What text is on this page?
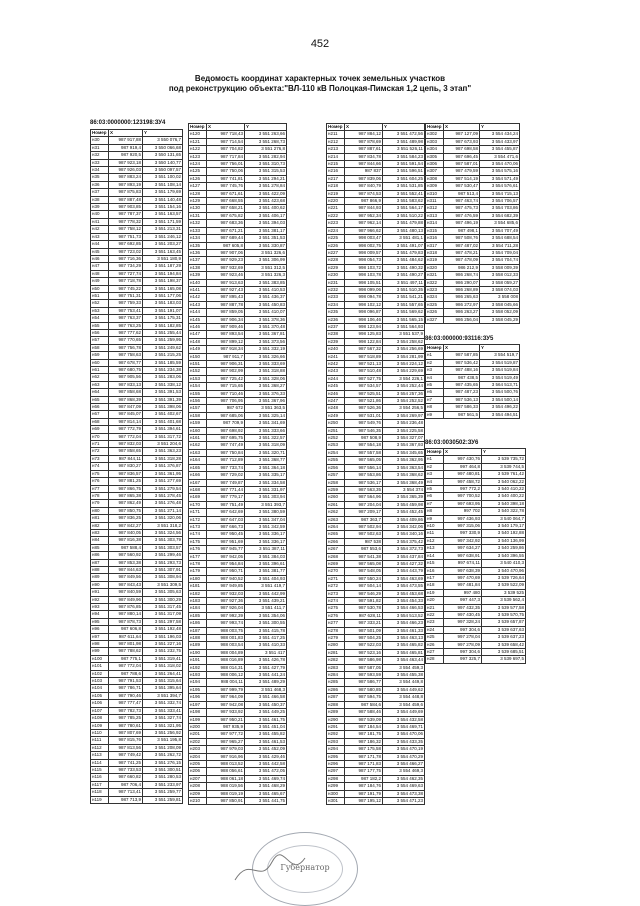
452
Ведомость координат характерных точек земельных участков
под реконструкцию объекта:"ВЛ-110 кВ Полоцкая-Пимская 1,2 цепь, 3 этап"
86:03:0000000:123198:ЗУ4
86:03:000000:93116:ЗУ5
86:03:0030502:ЗУ6
Номер	X	Y
н30	987 917,88	3 550 076,7
н31	987 919,4	3 550 066,68
н32	987 920,5	3 550 131,65
н33	987 923,18	3 550 140,77
н34	987 926,03	3 550 097,57
н35	987 883,24	3 551 100,02
н36	987 893,19	3 551 108,14
н37	987 875,83	3 551 179,69
н38	987 887,48	3 551 140,48
н39	987 903,85	3 551 154,16
н40	987 787,37	3 551 163,57
н41	987 778,32	3 551 171,59
н42	987 758,12	3 551 213,31
н43	987 751,73	3 551 246,12
н44	987 692,85	3 551 203,27
н45	987 723,02	3 551 163,45
н46	987 716,36	3 551 180,9
н47	987 734,29	3 551 187,29
н48	987 727,74	3 551 194,84
н49	987 718,78	3 551 198,37
н50	987 745,22	3 551 165,08
н51	987 751,31	3 551 177,06
н52	987 759,33	3 551 183,03
н53	987 753,41	3 551 191,07
н54	987 763,37	3 551 175,31
н55	987 763,25	3 551 182,85
н56	987 777,62	3 551 255,44
н57	987 770,65	3 551 259,95
н58	987 756,78	3 551 249,62
н59	987 758,63	3 551 215,25
н60	987 678,77	3 551 185,59
н61	987 680,75	3 551 234,38
н62	987 905,56	3 551 283,06
н63	987 833,13	3 551 338,12
н64	987 858,68	3 551 391,53
н65	987 868,39	3 551 391,39
н66	987 847,09	3 551 398,06
н67	987 845,07	3 551 402,67
н68	987 814,14	3 551 401,68
н69	987 772,79	3 551 394,61
н70	987 772,04	3 551 317,72
н71	987 832,03	3 551 204,6
н72	987 858,65	3 551 363,23
н73	987 844,11	3 551 318,28
н74	987 830,27	3 551 376,87
н75	987 836,57	3 551 361,95
н76	987 881,25	3 551 277,69
н77	987 866,75	3 551 279,54
н78	987 865,38	3 551 278,45
н79	987 862,49	3 551 276,48
н80	987 850,75	3 551 271,14
н81	987 836,25	3 551 320,06
н82	987 842,27	3 551 318,2
н83	987 840,05	3 551 324,56
н84	987 816,38	3 551 303,79
н85	987 588,4	3 551 303,57
н86	987 560,92	3 551 299,46
н87	987 853,38	3 551 293,73
н88	987 844,63	3 551 307,91
н89	987 849,56	3 551 308,94
н90	987 843,43	3 551 309,5
н91	987 840,59	3 551 305,63
н92	987 849,96	3 551 300,29
н93	987 876,85	3 551 317,45
н94	987 880,14	3 551 317,09
н95	987 878,73	3 551 297,58
н96	987 606,8	3 551 192,48
н97	987 611,64	3 551 196,03
н98	987 801,98	3 551 227,16
н99	987 788,62	3 551 232,75
н100	987 775,1	3 551 319,41
н101	987 772,04	3 551 318,02
н102	987 788,6	3 551 264,41
н103	987 791,53	3 551 315,64
н104	987 786,71	3 551 395,64
н105	987 790,46	3 551 394,7
н106	987 777,47	3 551 332,74
н107	987 782,73	3 551 333,41
н108	987 785,25	3 551 327,74
н109	987 780,61	3 551 321,95
н110	987 807,69	3 551 256,92
н111	987 815,76	3 551 195,8
н112	987 813,56	3 551 208,09
н113	987 749,42	3 551 262,72
н114	987 741,25	3 551 276,15
н115	987 733,53	3 551 300,51
н116	987 660,82	3 551 280,53
н117	987 706,4	3 551 233,97
н118	987 713,41	3 551 259,77
н119	987 713,9	3 551 259,81
Номер	X	Y
н120	987 718,43	3 551 263,66
н121	987 714,54	3 551 268,73
н122	987 704,82	3 551 276,8
н123	987 717,84	3 551 282,94
н124	987 756,01	3 551 310,73
н125	987 750,06	3 551 315,53
н126	987 741,81	3 551 294,21
н127	987 745,76	3 551 278,84
н128	987 671,61	3 551 422,09
н129	987 668,55	3 551 423,68
н130	987 658,21	3 551 400,62
н131	987 675,82	3 551 406,17
н132	987 683,36	3 551 394,03
н133	987 671,21	3 551 381,17
н134	987 689,44	3 551 351,53
н135	987 605,8	3 551 330,87
н136	987 907,06	3 551 326,6
н137	987 929,23	3 551 306,99
н138	987 932,69	3 551 312,5
н139	987 923,46	3 551 326,3
н140	987 913,63	3 551 383,85
н141	987 927,43	3 551 410,53
н142	987 895,43	3 551 436,37
н143	987 887,78	3 551 450,83
н144	987 859,05	3 551 410,07
н145	987 906,34	3 551 378,36
н146	987 909,46	3 551 370,48
н147	987 893,54	3 551 367,81
н148	987 899,12	3 551 373,56
н149	987 918,34	3 551 332,19
н150	987 911,7	3 551 326,66
н151	987 906,31	3 551 333,69
н152	987 902,99	3 551 318,88
н153	987 725,42	3 551 328,06
н154	987 715,65	3 551 368,27
н155	987 710,46	3 551 376,33
н156	987 706,95	3 551 367,96
н157	987 672	3 551 363,5
н158	987 685,06	3 551 325,14
н159	987 709,9	3 551 341,69
н160	987 698,92	3 551 333,66
н161	987 695,75	3 551 322,57
н162	987 747,49	3 551 318,09
н163	987 750,84	3 551 320,71
н164	987 712,89	3 551 368,77
н165	987 733,74	3 551 364,18
н166	987 729,02	3 551 335,17
н167	987 749,87	3 551 334,58
н168	987 771,44	3 551 331,97
н169	987 779,17	3 551 303,94
н170	987 751,49	3 551 393,7
н171	987 642,69	3 551 380,59
н172	987 647,03	3 551 347,04
н173	987 666,73	3 551 342,59
н174	987 950,45	3 551 336,17
н175	987 951,69	3 551 336,17
н176	987 945,77	3 551 387,11
н177	987 942,05	3 551 384,03
н178	987 954,84	3 551 396,61
н179	987 950,71	3 551 381,77
н180	987 940,52	3 551 404,93
н181	987 949,85	3 551 419,7
н182	987 932,03	3 551 442,99
н183	987 927,36	3 551 439,21
н184	987 926,04	3 551 411,7
н185	987 992,39	3 551 354,06
н186	987 993,74	3 551 300,55
н187	988 003,75	3 551 415,78
н188	988 001,83	3 551 417,25
н189	988 003,54	3 551 410,33
н190	988 004,89	3 551 417
н191	988 016,89	3 551 426,78
н192	988 014,31	3 551 427,79
н193	988 006,12	3 551 441,24
н194	988 004,11	3 551 489,29
н195	987 999,79	3 551 468,3
н196	987 964,09	3 551 466,58
н197	987 942,08	3 551 450,37
н198	987 933,92	3 551 449,25
н199	987 950,21	3 551 461,75
н200	987 935,9	3 551 451,04
н201	987 977,72	3 551 455,82
н202	987 965,27	3 551 461,53
н203	987 979,03	3 551 452,09
н204	987 916,96	3 551 429,46
н205	988 013,52	3 551 442,58
н206	988 056,61	3 551 472,05
н207	988 061,18	3 551 469,74
н208	988 019,56	3 551 468,29
н209	988 019,19	3 551 465,67
н210	987 850,91	3 551 441,75
Номер	X	Y
н211	987 884,12	3 551 472,56
н212	987 878,69	3 551 489,98
н213	987 887,61	3 551 526,11
н214	987 834,78	3 551 584,23
н215	987 844,66	3 551 591,54
н216	987 837	3 551 596,51
н217	987 839,06	3 551 604,25
н218	987 840,79	3 551 531,85
н219	987 874,53	3 551 552,41
н220	987 866,9	3 551 583,62
н221	987 844,93	3 551 564,17
н222	987 952,34	3 551 510,22
н223	987 962,14	3 551 479,88
н224	987 966,62	3 551 480,13
н225	998 003,47	3 551 481,1
н226	998 002,75	3 551 491,07
н227	998 009,57	3 551 479,83
н228	998 054,73	3 551 484,62
н229	998 103,72	3 551 490,32
н230	998 103,78	3 551 490,27
н231	998 105,51	3 551 497,11
н232	998 099,06	3 551 510,35
н233	998 094,78	3 551 541,21
н234	998 102,12	3 551 557,65
н235	998 096,87	3 551 569,62
н236	998 106,46	3 551 565,15
н237	998 123,94	3 551 564,93
н238	998 125,83	3 551 537,9
н239	998 122,84	3 554 258,62
н240	987 567,32	3 554 256,69
н241	987 518,89	3 554 281,99
н242	987 521,13	3 554 224,12
н243	987 510,48	3 554 229,69
н244	987 527,75	3 554 226,1
н245	987 534,57	3 554 252,44
н246	987 525,51	3 554 257,36
н247	987 521,86	3 554 252,52
н248	987 526,36	3 554 256,5
н249	987 531,01	3 554 269,97
н250	987 549,76	3 554 236,48
н251	987 546,35	3 554 225,58
н252	987 508,9	3 554 327,07
н253	987 554,18	3 554 367,93
н254	987 557,58	3 554 345,65
н255	987 565,05	3 554 362,95
н256	987 556,14	3 554 363,54
н257	987 553,86	3 554 368,62
н258	987 536,17	3 554 368,49
н259	987 563,35	3 554 374
н260	987 564,96	3 554 365,39
н261	987 204,04	3 554 459,98
н262	987 209,17	3 554 452,45
н263	987 363,7	3 554 409,86
н264	987 502,94	3 554 342,06
н265	987 502,63	3 554 340,16
н266	987 538	3 554 375,42
н267	987 553,6	3 554 372,73
н268	987 541,38	3 554 437,84
н269	987 565,08	3 554 427,32
н270	987 548,05	3 554 443,79
н271	987 550,24	3 554 463,69
н272	987 504,14	3 554 473,55
н273	987 546,29	3 554 453,68
н274	987 591,82	3 554 454,33
н275	987 530,78	3 554 466,53
н276	987 628,11	3 554 513,52
н277	987 333,21	3 554 466,23
н278	987 501,09	3 554 461,33
н279	987 504,25	3 554 463,13
н280	987 522,03	3 554 465,82
н281	987 523,16	3 554 465,81
н282	987 586,98	3 554 463,44
н283	987 587,05	3 554 459,3
н284	987 593,59	3 554 455,38
н285	987 586,77	3 554 449,8
н286	987 580,85	3 554 449,62
н287	987 594,75	3 554 448,8
н288	987 584,6	3 554 459,6
н289	987 588,46	3 554 449,69
н290	987 539,09	3 554 432,58
н291	987 184,54	3 554 469,71
н292	987 181,75	3 554 470,06
н293	987 186,32	3 554 433,35
н294	987 175,58	3 554 470,19
н295	987 171,78	3 554 470,29
н296	987 171,83	3 554 466,27
н297	987 177,75	3 554 469,3
н298	987 182,2	3 554 462,35
н299	987 184,76	3 554 469,63
н300	987 191,79	3 554 473,38
н301	987 195,12	3 554 471,23
Номер	X	Y
н302	987 127,09	3 554 434,24
н303	987 673,93	3 554 433,97
н304	987 698,58	3 554 455,87
н305	987 696,45	3 554 471,6
н306	987 587,01	3 554 470,06
н307	987 479,59	3 554 575,16
н308	987 514,19	3 554 571,49
н309	987 530,47	3 554 576,61
н310	987 513,4	3 554 715,13
н311	987 463,74	3 554 706,57
н312	987 475,73	3 554 703,86
н313	987 476,59	3 554 682,39
н314	987 496,19	3 554 685,6
н315	987 498,1	3 554 707,49
н316	987 508,76	3 554 688,54
н317	987 487,02	3 554 711,28
н318	987 478,21	3 554 709,04
н319	987 478,09	3 554 704,74
н320	986 212,9	3 558 009,39
н321	986 268,74	3 558 012,33
н322	986 290,07	3 558 059,27
н323	986 268,89	3 558 074,03
н324	986 265,63	3 558 008
н325	986 272,97	3 558 045,66
н326	986 263,27	3 558 052,09
н327	986 256,04	3 558 045,29
Номер	X	Y
н1	987 587,85	3 554 519,7
н2	987 536,42	3 554 519,87
н3	987 488,16	3 554 519,84
н4	987 438,5	3 554 519,49
н5	987 435,65	3 564 513,71
н6	987 487,23	3 554 500,76
н7	987 536,13	3 554 500,14
н8	987 586,33	3 554 496,22
н9	987 561,5	3 554 494,51
Номер	X	Y
н1	997 430,76	3 539 735,72
н2	997 464,8	3 539 744,5
н3	997 480,81	3 539 761,42
н4	997 458,72	3 540 062,22
н5	997 772,2	3 540 410,22
н6	997 700,52	3 540 400,22
н7	997 693,95	3 540 398,18
н8	997 702	3 540 322,78
н9	997 436,93	3 540 064,7
н10	997 315,06	3 540 179,17
н11	997 330,9	3 540 192,88
н12	997 342,92	3 540 136,99
н13	997 634,27	3 540 259,86
н14	997 638,91	3 540 396,55
н15	997 674,11	3 540 410,3
н16	997 638,39	3 540 470,96
н17	997 470,69	3 539 726,64
н18	997 481,84	3 539 522,09
н19	997 480	3 539 525
н20	997 447,3	3 539 562,4
н21	997 432,35	3 539 577,58
н22	997 430,45	3 539 570,75
н23	997 328,24	3 539 657,87
н24	997 304,6	3 539 637,63
н25	997 278,04	3 539 637,23
н26	997 278,09	3 539 658,42
н27	997 304,6	3 539 685,51
н28	997 325,7	3 539 697,5
Губернатор
